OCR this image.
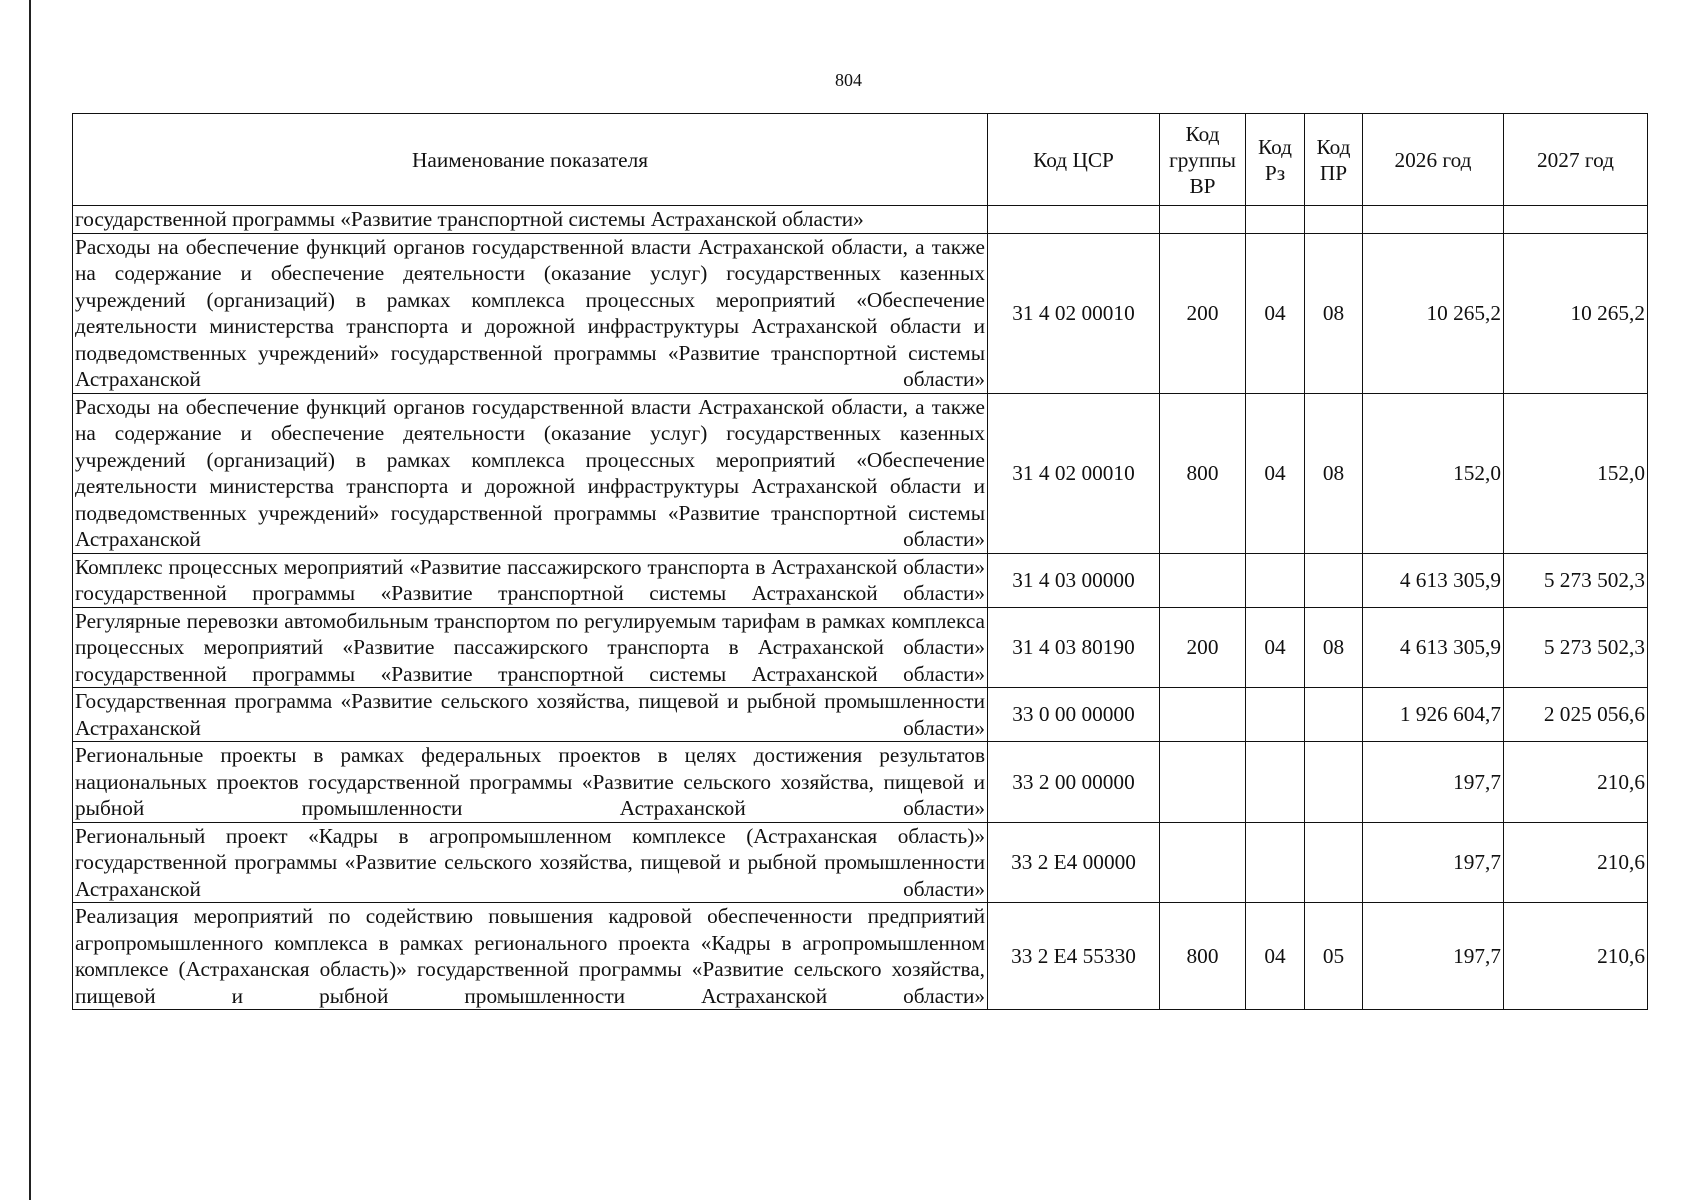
804
Наименование показателя	Код ЦСР	Код группы ВР	Код Рз	Код ПР	2026 год	2027 год
государственной программы «Развитие транспортной системы Астраханской области»						
Расходы на обеспечение функций органов государственной власти Астраханской области, а также на содержание и обеспечение деятельности (оказание услуг) государственных казенных учреждений (организаций) в рамках комплекса процессных мероприятий «Обеспечение деятельности министерства транспорта и дорожной инфраструктуры Астраханской области и подведомственных учреждений» государственной программы «Развитие транспортной системы Астраханской области»	31 4 02 00010	200	04	08	10 265,2	10 265,2
Расходы на обеспечение функций органов государственной власти Астраханской области, а также на содержание и обеспечение деятельности (оказание услуг) государственных казенных учреждений (организаций) в рамках комплекса процессных мероприятий «Обеспечение деятельности министерства транспорта и дорожной инфраструктуры Астраханской области и подведомственных учреждений» государственной программы «Развитие транспортной системы Астраханской области»	31 4 02 00010	800	04	08	152,0	152,0
Комплекс процессных мероприятий «Развитие пассажирского транспорта в Астраханской области» государственной программы «Развитие транспортной системы Астраханской области»	31 4 03 00000				4 613 305,9	5 273 502,3
Регулярные перевозки автомобильным транспортом по регулируемым тарифам в рамках комплекса процессных мероприятий «Развитие пассажирского транспорта в Астраханской области» государственной программы «Развитие транспортной системы Астраханской области»	31 4 03 80190	200	04	08	4 613 305,9	5 273 502,3
Государственная программа «Развитие сельского хозяйства, пищевой и рыбной промышленности Астраханской области»	33 0 00 00000				1 926 604,7	2 025 056,6
Региональные проекты в рамках федеральных проектов в целях достижения результатов национальных проектов государственной программы «Развитие сельского хозяйства, пищевой и рыбной промышленности Астраханской области»	33 2 00 00000				197,7	210,6
Региональный проект «Кадры в агропромышленном комплексе (Астраханская область)» государственной программы «Развитие сельского хозяйства, пищевой и рыбной промышленности Астраханской области»	33 2 Е4 00000				197,7	210,6
Реализация мероприятий по содействию повышения кадровой обеспеченности предприятий агропромышленного комплекса в рамках регионального проекта «Кадры в агропромышленном комплексе (Астраханская область)» государственной программы «Развитие сельского хозяйства, пищевой и рыбной промышленности Астраханской области»	33 2 Е4 55330	800	04	05	197,7	210,6
